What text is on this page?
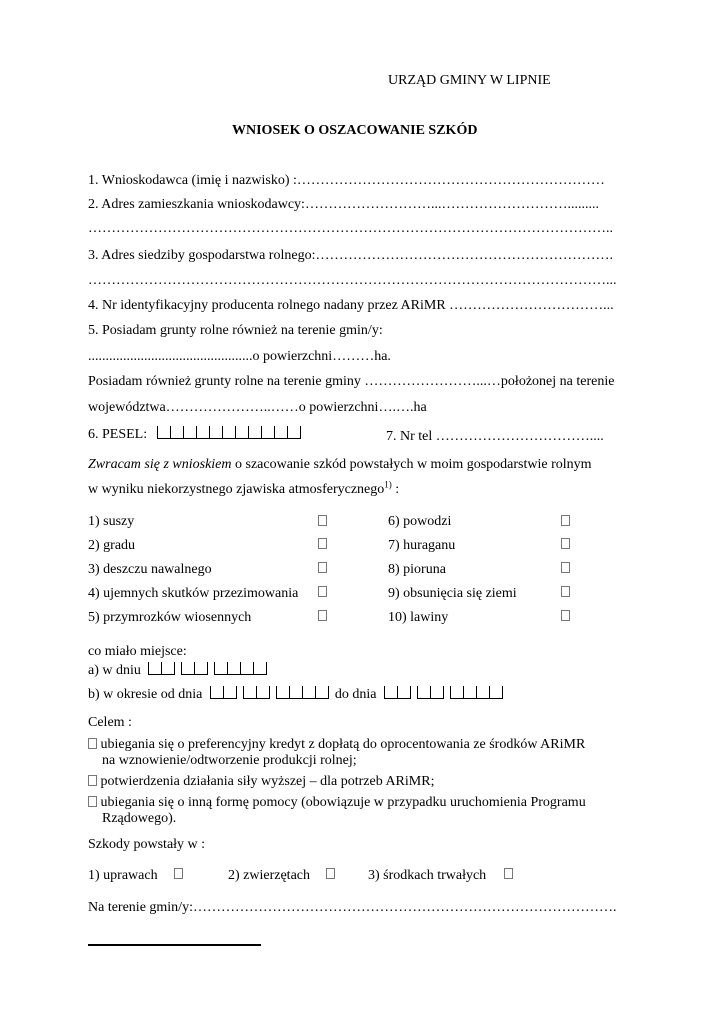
URZĄD GMINY W LIPNIE
WNIOSEK O OSZACOWANIE SZKÓD
1. Wnioskodawca (imię i nazwisko) :…………………………………………………………
2. Adres zamieszkania wnioskodawcy:………………………...……………………….........
…………………………………………………………………………………………………..
3. Adres siedziby gospodarstwa rolnego:……………………………………………………….
…………………………………………………………………………………………………...
4. Nr identyfikacyjny producenta rolnego nadany przez ARiMR ……………………………...
5. Posiadam grunty rolne również na terenie gmin/y:
...............................................o powierzchni………ha.
Posiadam również grunty rolne na terenie gminy ……………………...…położonej na terenie
województwa…………………..……o powierzchni….….ha
6. PESEL:	7. Nr tel ……………………………....
Zwracam się z wnioskiem o szacowanie szkód powstałych w moim gospodarstwie rolnym
w wyniku niekorzystnego zjawiska atmosferycznego$^{1)}$ :
1) suszy
2) gradu
3) deszczu nawalnego
4) ujemnych skutków przezimowania
5) przymrozków wiosennych
6) powodzi
7) huraganu
8) pioruna
9) obsunięcia się ziemi
10) lawiny
co miało miejsce:
a) w dniu
b) w okresie od dnia	do dnia
Celem :
ubiegania się o preferencyjny kredyt z dopłatą do oprocentowania ze środków ARiMR
na wznowienie/odtworzenie produkcji rolnej;
potwierdzenia działania siły wyższej – dla potrzeb ARiMR;
ubiegania się o inną formę pomocy (obowiązuje w przypadku uruchomienia Programu
Rządowego).
Szkody powstały w :
1) uprawach	2) zwierzętach	3) środkach trwałych
Na terenie gmin/y:……………………………………………………………………………….
